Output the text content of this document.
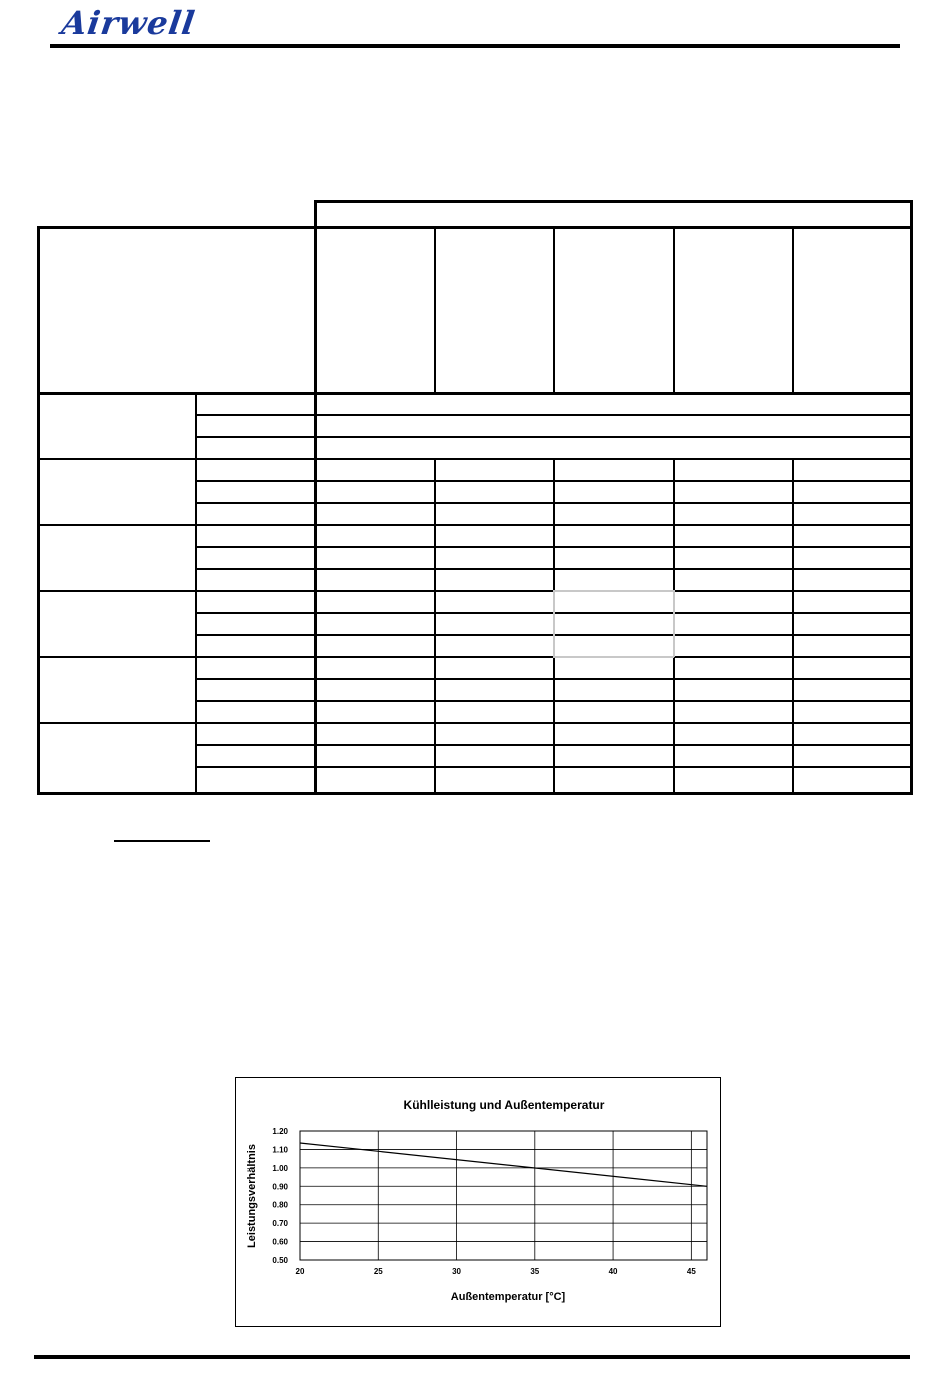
Airwell
Kühlleistung und Außentemperatur
Leistungsverhältnis
Außentemperatur [°C]
0.50
0.60
0.70
0.80
0.90
1.00
1.10
1.20
20	25	30	35	40	45
